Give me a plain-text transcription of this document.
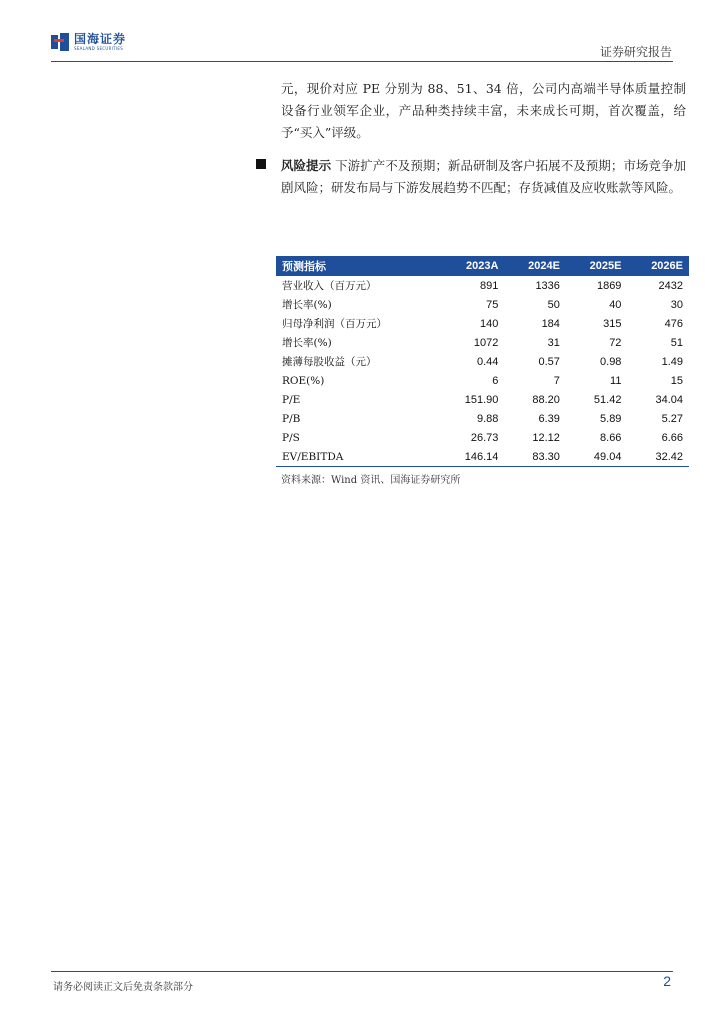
国海证券
SEALAND SECURITIES	证券研究报告
元，现价对应 PE 分别为 88、51、34 倍，公司内高端半导体质量控制设备行业领军企业，产品种类持续丰富，未来成长可期，首次覆盖，给予“买入”评级。
风险提示 下游扩产不及预期；新品研制及客户拓展不及预期；市场竞争加剧风险；研发布局与下游发展趋势不匹配；存货减值及应收账款等风险。
预测指标	2023A	2024E	2025E	2026E
营业收入（百万元）	891	1336	1869	2432
增长率(%)	75	50	40	30
归母净利润（百万元）	140	184	315	476
增长率(%)	1072	31	72	51
摊薄每股收益（元）	0.44	0.57	0.98	1.49
ROE(%)	6	7	11	15
P/E	151.90	88.20	51.42	34.04
P/B	9.88	6.39	5.89	5.27
P/S	26.73	12.12	8.66	6.66
EV/EBITDA	146.14	83.30	49.04	32.42
资料来源：Wind 资讯、国海证券研究所
请务必阅读正文后免责条款部分	2
